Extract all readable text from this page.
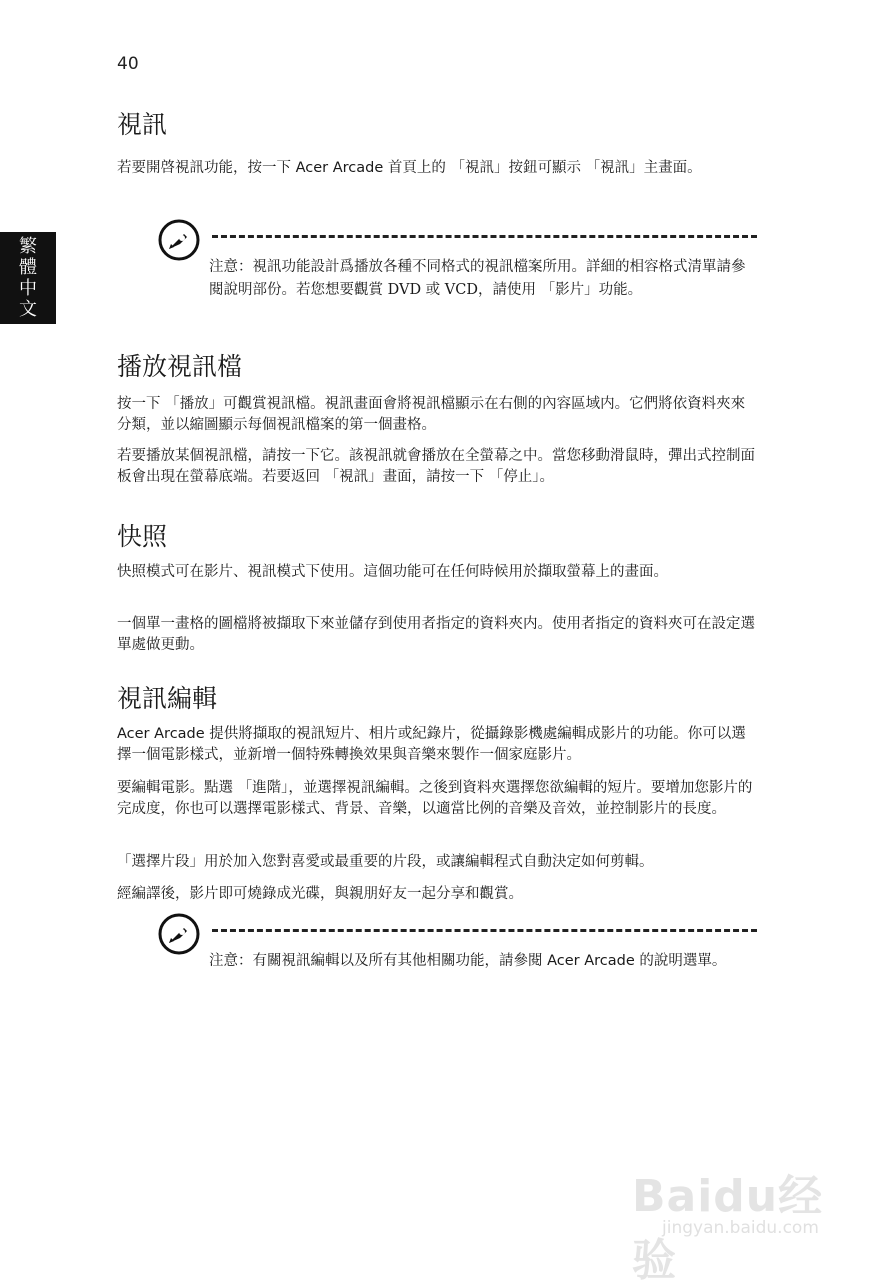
40
繁體中文
視訊

若要開啓視訊功能，按一下 Acer Arcade 首頁上的 「視訊」按鈕可顯示 「視訊」主畫面。

注意：視訊功能設計爲播放各種不同格式的視訊檔案所用。詳細的相容格式清單請參閱說明部份。若您想要觀賞 DVD 或 VCD，請使用 「影片」功能。

播放視訊檔

按一下 「播放」可觀賞視訊檔。視訊畫面會將視訊檔顯示在右側的內容區域内。它們將依資料夾來分類，並以縮圖顯示每個視訊檔案的第一個畫格。

若要播放某個視訊檔，請按一下它。該視訊就會播放在全螢幕之中。當您移動滑鼠時，彈出式控制面板會出現在螢幕底端。若要返回 「視訊」畫面，請按一下 「停止」。

快照

快照模式可在影片、視訊模式下使用。這個功能可在任何時候用於擷取螢幕上的畫面。

一個單一畫格的圖檔將被擷取下來並儲存到使用者指定的資料夾内。使用者指定的資料夾可在設定選單處做更動。

視訊編輯

Acer Arcade 提供將擷取的視訊短片、相片或紀錄片，從攝錄影機處編輯成影片的功能。你可以選擇一個電影樣式，並新增一個特殊轉換效果與音樂來製作一個家庭影片。

要編輯電影。點選 「進階」，並選擇視訊編輯。之後到資料夾選擇您欲編輯的短片。要增加您影片的完成度，你也可以選擇電影樣式、背景、音樂，以適當比例的音樂及音效，並控制影片的長度。

「選擇片段」用於加入您對喜愛或最重要的片段，或讓編輯程式自動決定如何剪輯。

經編譯後，影片即可燒錄成光碟，與親朋好友一起分享和觀賞。

注意：有關視訊編輯以及所有其他相關功能，請參閱 Acer Arcade 的說明選單。

Baidu经验
jingyan.baidu.com
